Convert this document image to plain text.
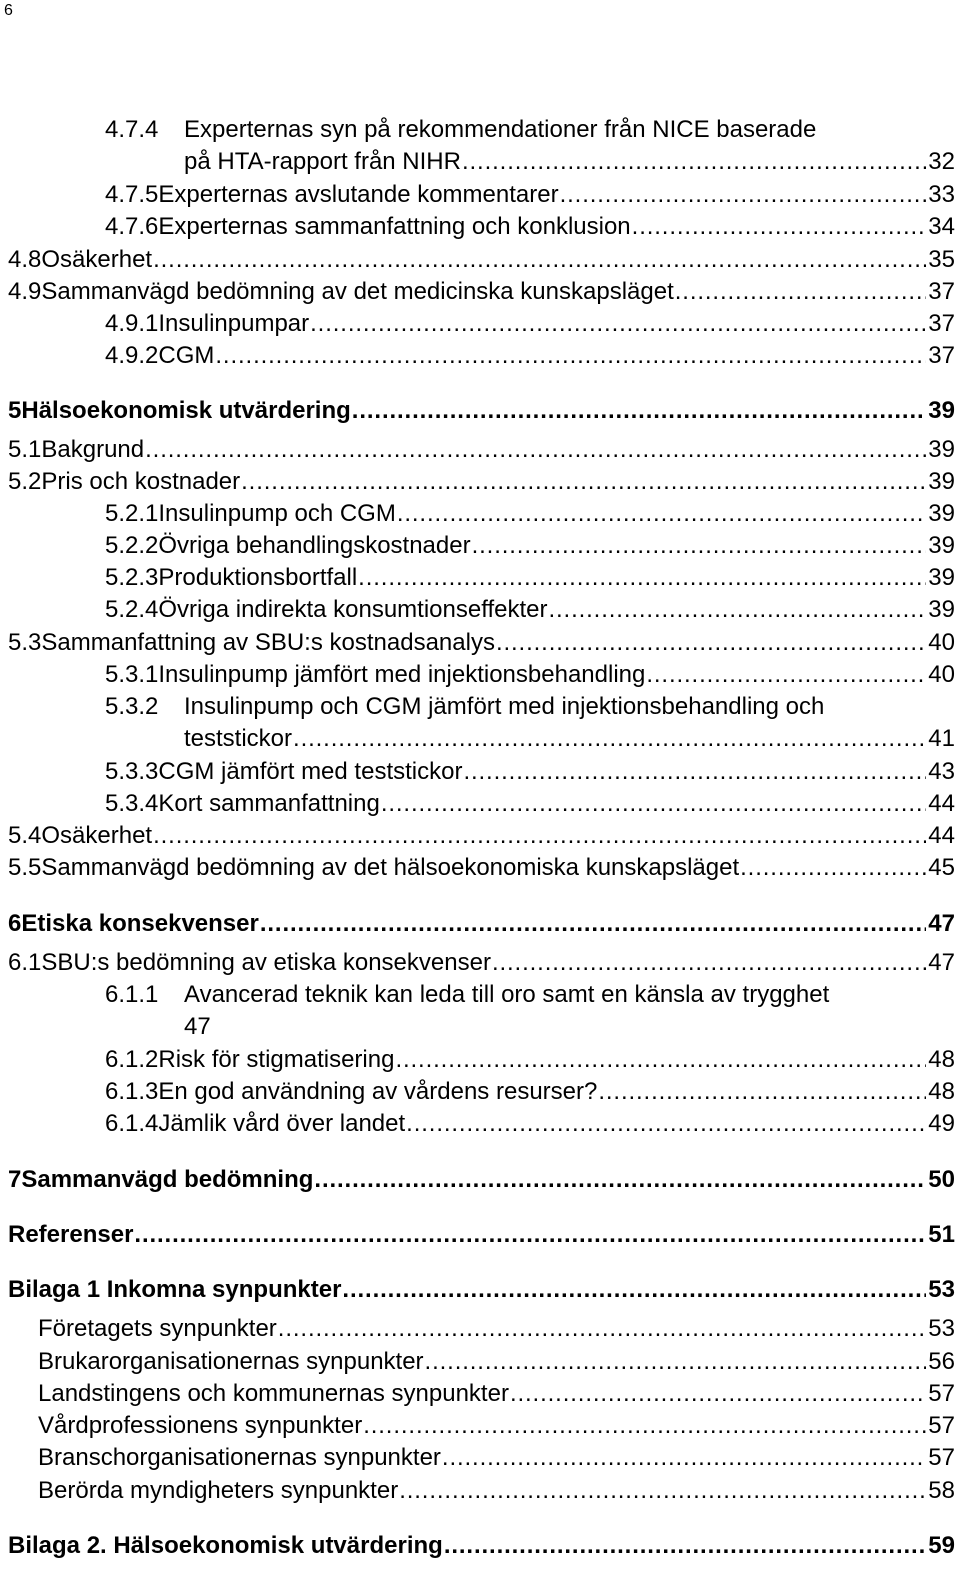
6
4.7.4	Experternas syn på rekommendationer från NICE baserade
på HTA-rapport från NIHR . . .	32
4.7.5 Experternas avslutande kommentarer . . .	33
4.7.6 Experternas sammanfattning och konklusion . . .	34
4.8 Osäkerhet . . .	35
4.9 Sammanvägd bedömning av det medicinska kunskapsläget . . .	37
4.9.1 Insulinpumpar . . .	37
4.9.2 CGM . . .	37
5 Hälsoekonomisk utvärdering . . .	39
5.1 Bakgrund . . .	39
5.2 Pris och kostnader . . .	39
5.2.1 Insulinpump och CGM . . .	39
5.2.2 Övriga behandlingskostnader . . .	39
5.2.3 Produktionsbortfall . . .	39
5.2.4 Övriga indirekta konsumtionseffekter . . .	39
5.3 Sammanfattning av SBU:s kostnadsanalys . . .	40
5.3.1 Insulinpump jämfört med injektionsbehandling . . .	40
5.3.2	Insulinpump och CGM jämfört med injektionsbehandling och
teststickor . . .	41
5.3.3 CGM jämfört med teststickor . . .	43
5.3.4 Kort sammanfattning . . .	44
5.4 Osäkerhet . . .	44
5.5 Sammanvägd bedömning av det hälsoekonomiska kunskapsläget . . .	45
6 Etiska konsekvenser . . .	47
6.1 SBU:s bedömning av etiska konsekvenser . . .	47
6.1.1	Avancerad teknik kan leda till oro samt en känsla av trygghet
47
6.1.2 Risk för stigmatisering . . .	48
6.1.3 En god användning av vårdens resurser? . . .	48
6.1.4 Jämlik vård över landet . . .	49
7 Sammanvägd bedömning . . .	50
Referenser . . .	51
Bilaga 1 Inkomna synpunkter . . .	53
Företagets synpunkter . . .	53
Brukarorganisationernas synpunkter . . .	56
Landstingens och kommunernas synpunkter . . .	57
Vårdprofessionens synpunkter . . .	57
Branschorganisationernas synpunkter . . .	57
Berörda myndigheters synpunkter . . .	58
Bilaga 2. Hälsoekonomisk utvärdering . . .	59
